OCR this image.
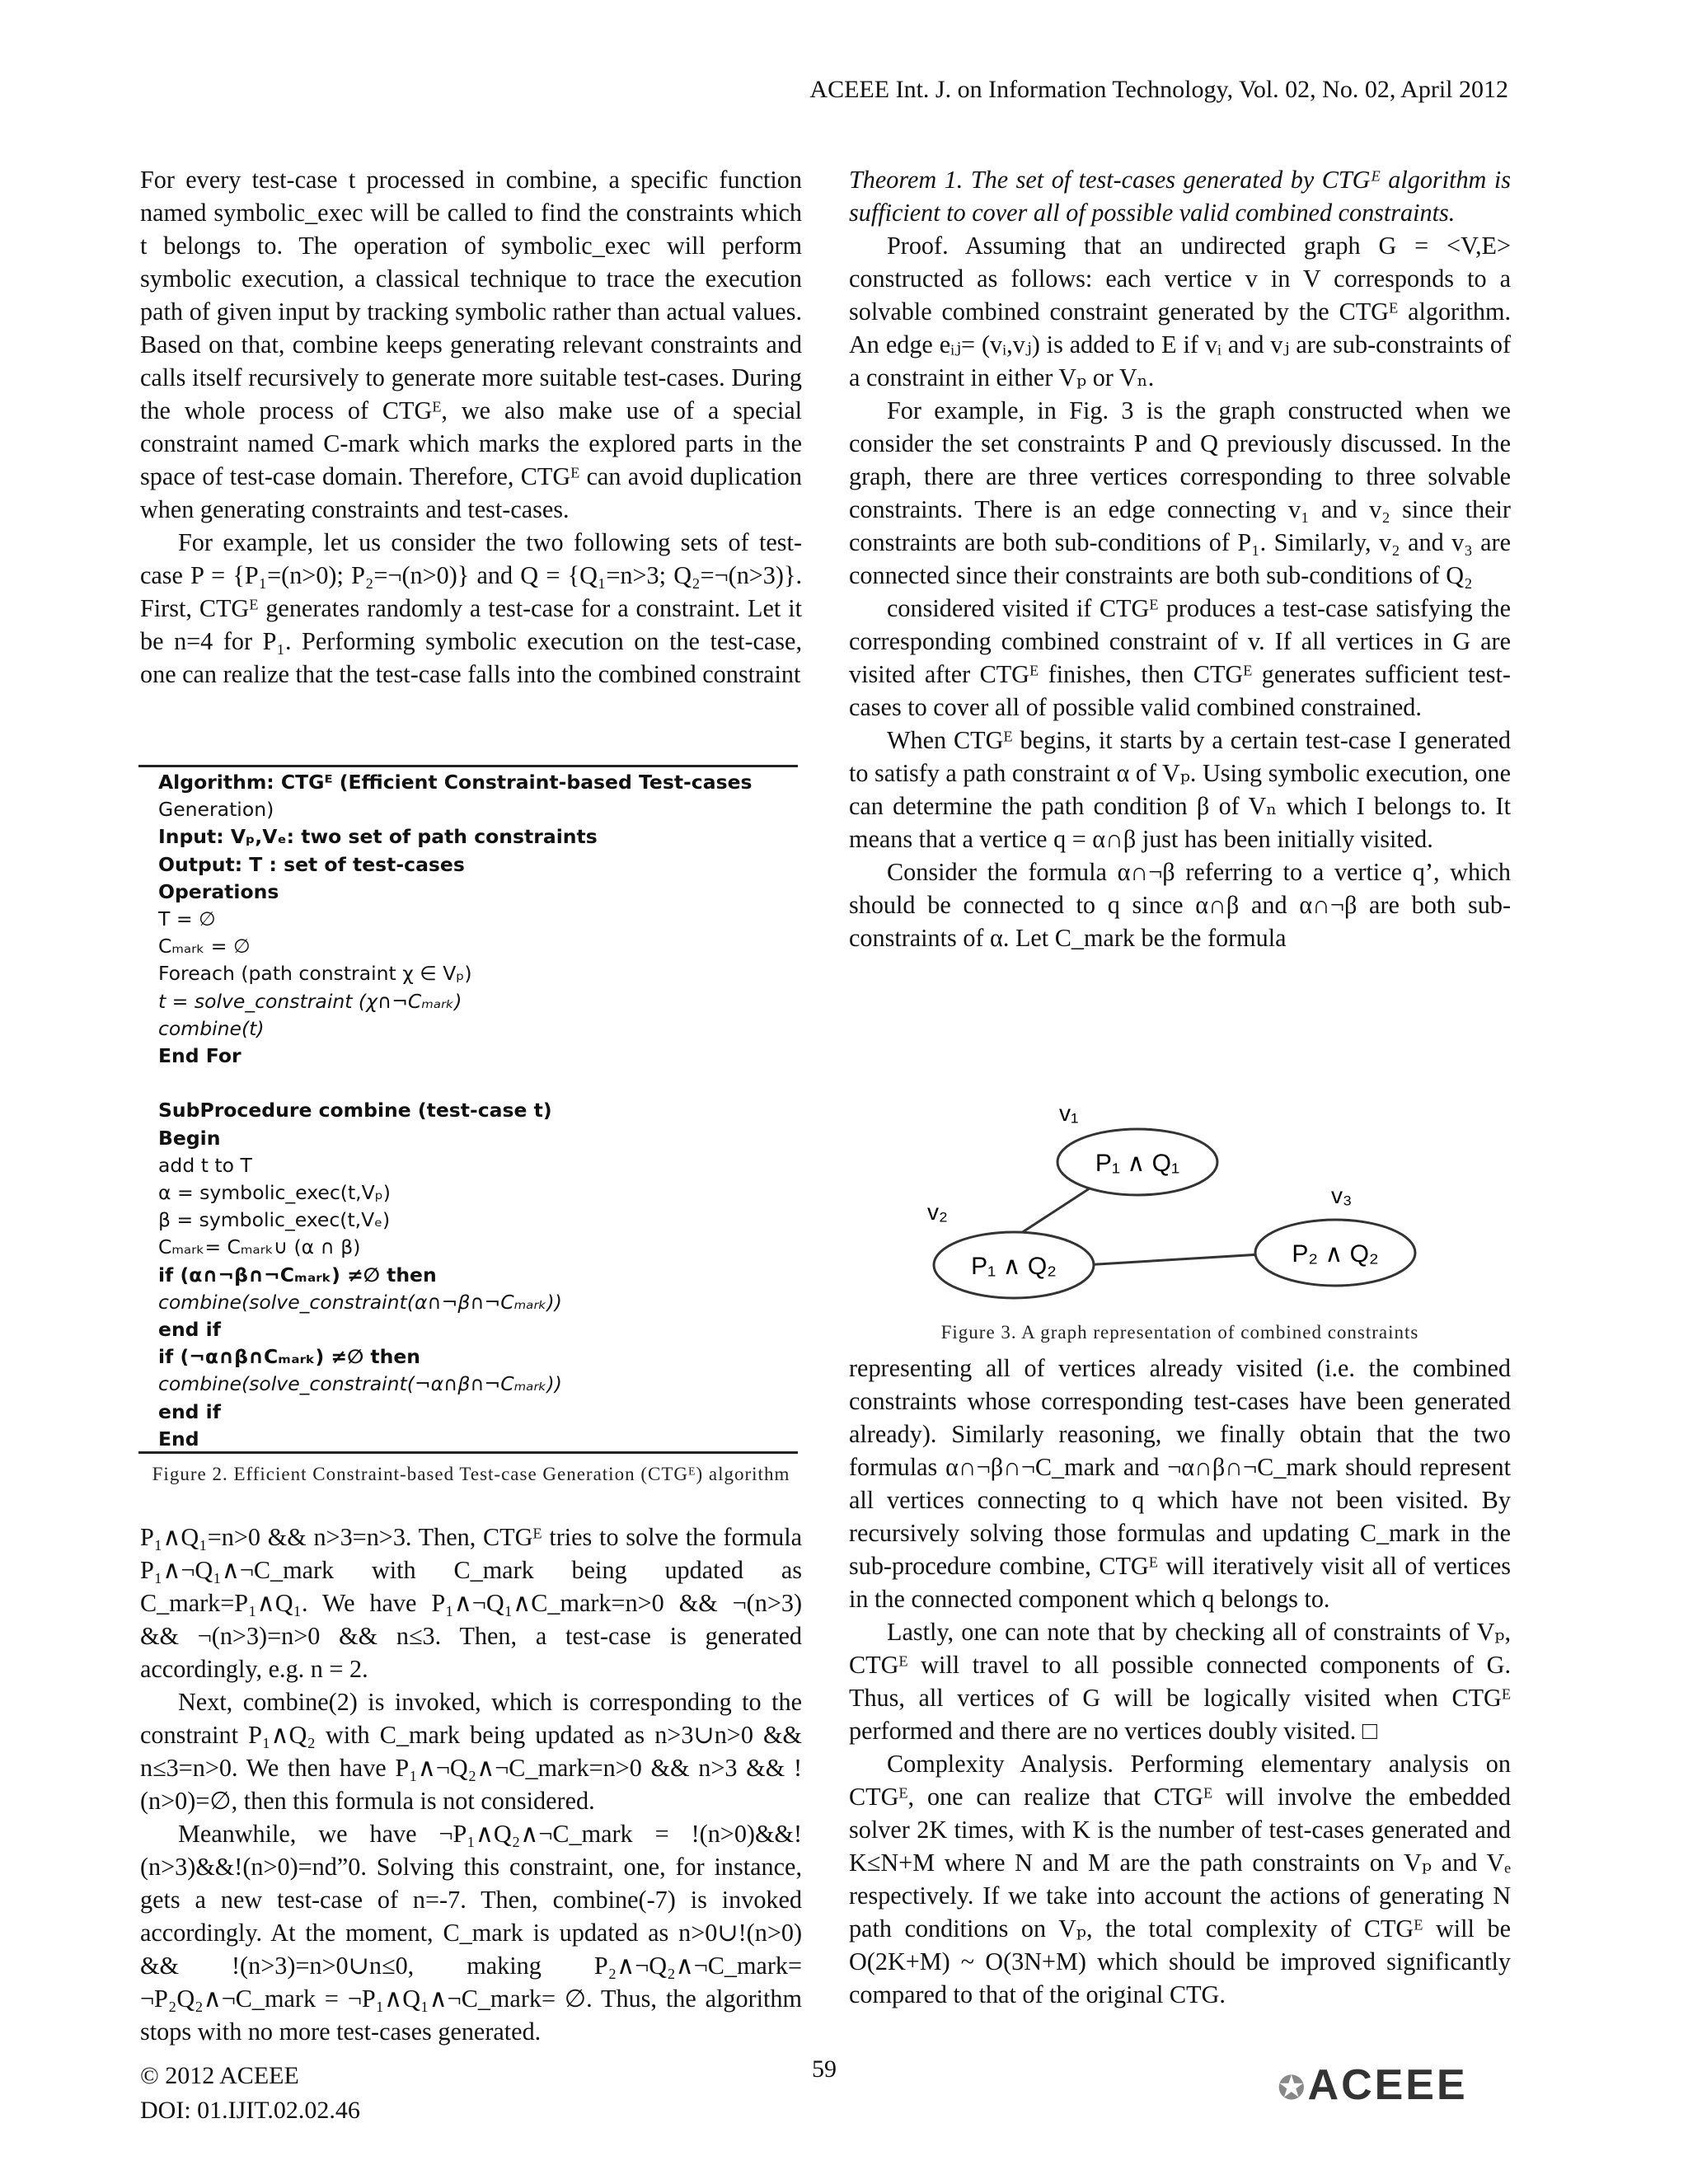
ACEEE Int. J. on Information Technology, Vol. 02, No. 02, April 2012

For every test-case t processed in combine, a specific function named symbolic_exec will be called to find the constraints which t belongs to. The operation of symbolic_exec will perform symbolic execution, a classical technique to trace the execution path of given input by tracking symbolic rather than actual values. Based on that, combine keeps generating relevant constraints and calls itself recursively to generate more suitable test-cases. During the whole process of CTGᴱ, we also make use of a special constraint named C-mark which marks the explored parts in the space of test-case domain. Therefore, CTGᴱ can avoid duplication when generating constraints and test-cases.

For example, let us consider the two following sets of test-case P = {P₁=(n>0); P₂=¬(n>0)} and Q = {Q₁=n>3; Q₂=¬(n>3)}. First, CTGᴱ generates randomly a test-case for a constraint. Let it be n=4 for P₁. Performing symbolic execution on the test-case, one can realize that the test-case falls into the combined constraint

Algorithm: CTGᴱ (Efficient Constraint-based Test-cases
Generation)
Input: Vₚ,Vₑ: two set of path constraints
Output: T : set of test-cases
Operations
T = ∅
Cₘₐᵣₖ = ∅
Foreach (path constraint χ ∈ Vₚ)
t = solve_constraint (χ∩¬Cₘₐᵣₖ)
combine(t)
End For
SubProcedure combine (test-case t)
Begin
add t to T
α = symbolic_exec(t,Vₚ)
β = symbolic_exec(t,Vₑ)
Cₘₐᵣₖ= Cₘₐᵣₖ∪ (α ∩ β)
if (α∩¬β∩¬Cₘₐᵣₖ) ≠∅ then
combine(solve_constraint(α∩¬β∩¬Cₘₐᵣₖ))
end if
if (¬α∩β∩Cₘₐᵣₖ) ≠∅ then
combine(solve_constraint(¬α∩β∩¬Cₘₐᵣₖ))
end if
End
Figure 2. Efficient Constraint-based Test-case Generation (CTGᴱ) algorithm

P₁∧Q₁=n>0 && n>3=n>3. Then, CTGᴱ tries to solve the formula P₁∧¬Q₁∧¬C_mark with C_mark being updated as C_mark=P₁∧Q₁. We have P₁∧¬Q₁∧C_mark=n>0 && ¬(n>3) && ¬(n>3)=n>0 && n≤3. Then, a test-case is generated accordingly, e.g. n = 2.

Next, combine(2) is invoked, which is corresponding to the constraint P₁∧Q₂ with C_mark being updated as n>3∪n>0 && n≤3=n>0. We then have P₁∧¬Q₂∧¬C_mark=n>0 && n>3 && !(n>0)=∅, then this formula is not considered.

Meanwhile, we have ¬P₁∧Q₂∧¬C_mark = !(n>0)&&!(n>3)&&!(n>0)=nd”0. Solving this constraint, one, for instance, gets a new test-case of n=-7. Then, combine(-7) is invoked accordingly. At the moment, C_mark is updated as n>0∪!(n>0) && !(n>3)=n>0∪n≤0, making P₂∧¬Q₂∧¬C_mark= ¬P₂Q₂∧¬C_mark = ¬P₁∧Q₁∧¬C_mark= ∅. Thus, the algorithm stops with no more test-cases generated.

Theorem 1. The set of test-cases generated by CTGᴱ algorithm is sufficient to cover all of possible valid combined constraints.

Proof. Assuming that an undirected graph G = <V,E> constructed as follows: each vertice v in V corresponds to a solvable combined constraint generated by the CTGᴱ algorithm. An edge eᵢⱼ= (vᵢ,vⱼ) is added to E if vᵢ and vⱼ are sub-constraints of a constraint in either Vₚ or Vₙ.

For example, in Fig. 3 is the graph constructed when we consider the set constraints P and Q previously discussed. In the graph, there are three vertices corresponding to three solvable constraints. There is an edge connecting v₁ and v₂ since their constraints are both sub-conditions of P₁. Similarly, v₂ and v₃ are connected since their constraints are both sub-conditions of Q₂

considered visited if CTGᴱ produces a test-case satisfying the corresponding combined constraint of v. If all vertices in G are visited after CTGᴱ finishes, then CTGᴱ generates sufficient test-cases to cover all of possible valid combined constrained.

When CTGᴱ begins, it starts by a certain test-case I generated to satisfy a path constraint α of Vₚ. Using symbolic execution, one can determine the path condition β of Vₙ which I belongs to. It means that a vertice q = α∩β just has been initially visited.

Consider the formula α∩¬β referring to a vertice q’, which should be connected to q since α∩β and α∩¬β are both sub-constraints of α. Let C_mark be the formula

P₁ ∧ Q₁
P₁ ∧ Q₂	P₂ ∧ Q₂
v₁
v₂
v₃
Figure 3. A graph representation of combined constraints

representing all of vertices already visited (i.e. the combined constraints whose corresponding test-cases have been generated already). Similarly reasoning, we finally obtain that the two formulas α∩¬β∩¬C_mark and ¬α∩β∩¬C_mark should represent all vertices connecting to q which have not been visited. By recursively solving those formulas and updating C_mark in the sub-procedure combine, CTGᴱ will iteratively visit all of vertices in the connected component which q belongs to.

Lastly, one can note that by checking all of constraints of Vₚ, CTGᴱ will travel to all possible connected components of G. Thus, all vertices of G will be logically visited when CTGᴱ performed and there are no vertices doubly visited. □

Complexity Analysis. Performing elementary analysis on CTGᴱ, one can realize that CTGᴱ will involve the embedded solver 2K times, with K is the number of test-cases generated and K≤N+M where N and M are the path constraints on Vₚ and Vₑ respectively. If we take into account the actions of generating N path conditions on Vₚ, the total complexity of CTGᴱ will be O(2K+M) ~ O(3N+M) which should be improved significantly compared to that of the original CTG.

© 2012 ACEEE
DOI: 01.IJIT.02.02.46
59
✪ACEEE
